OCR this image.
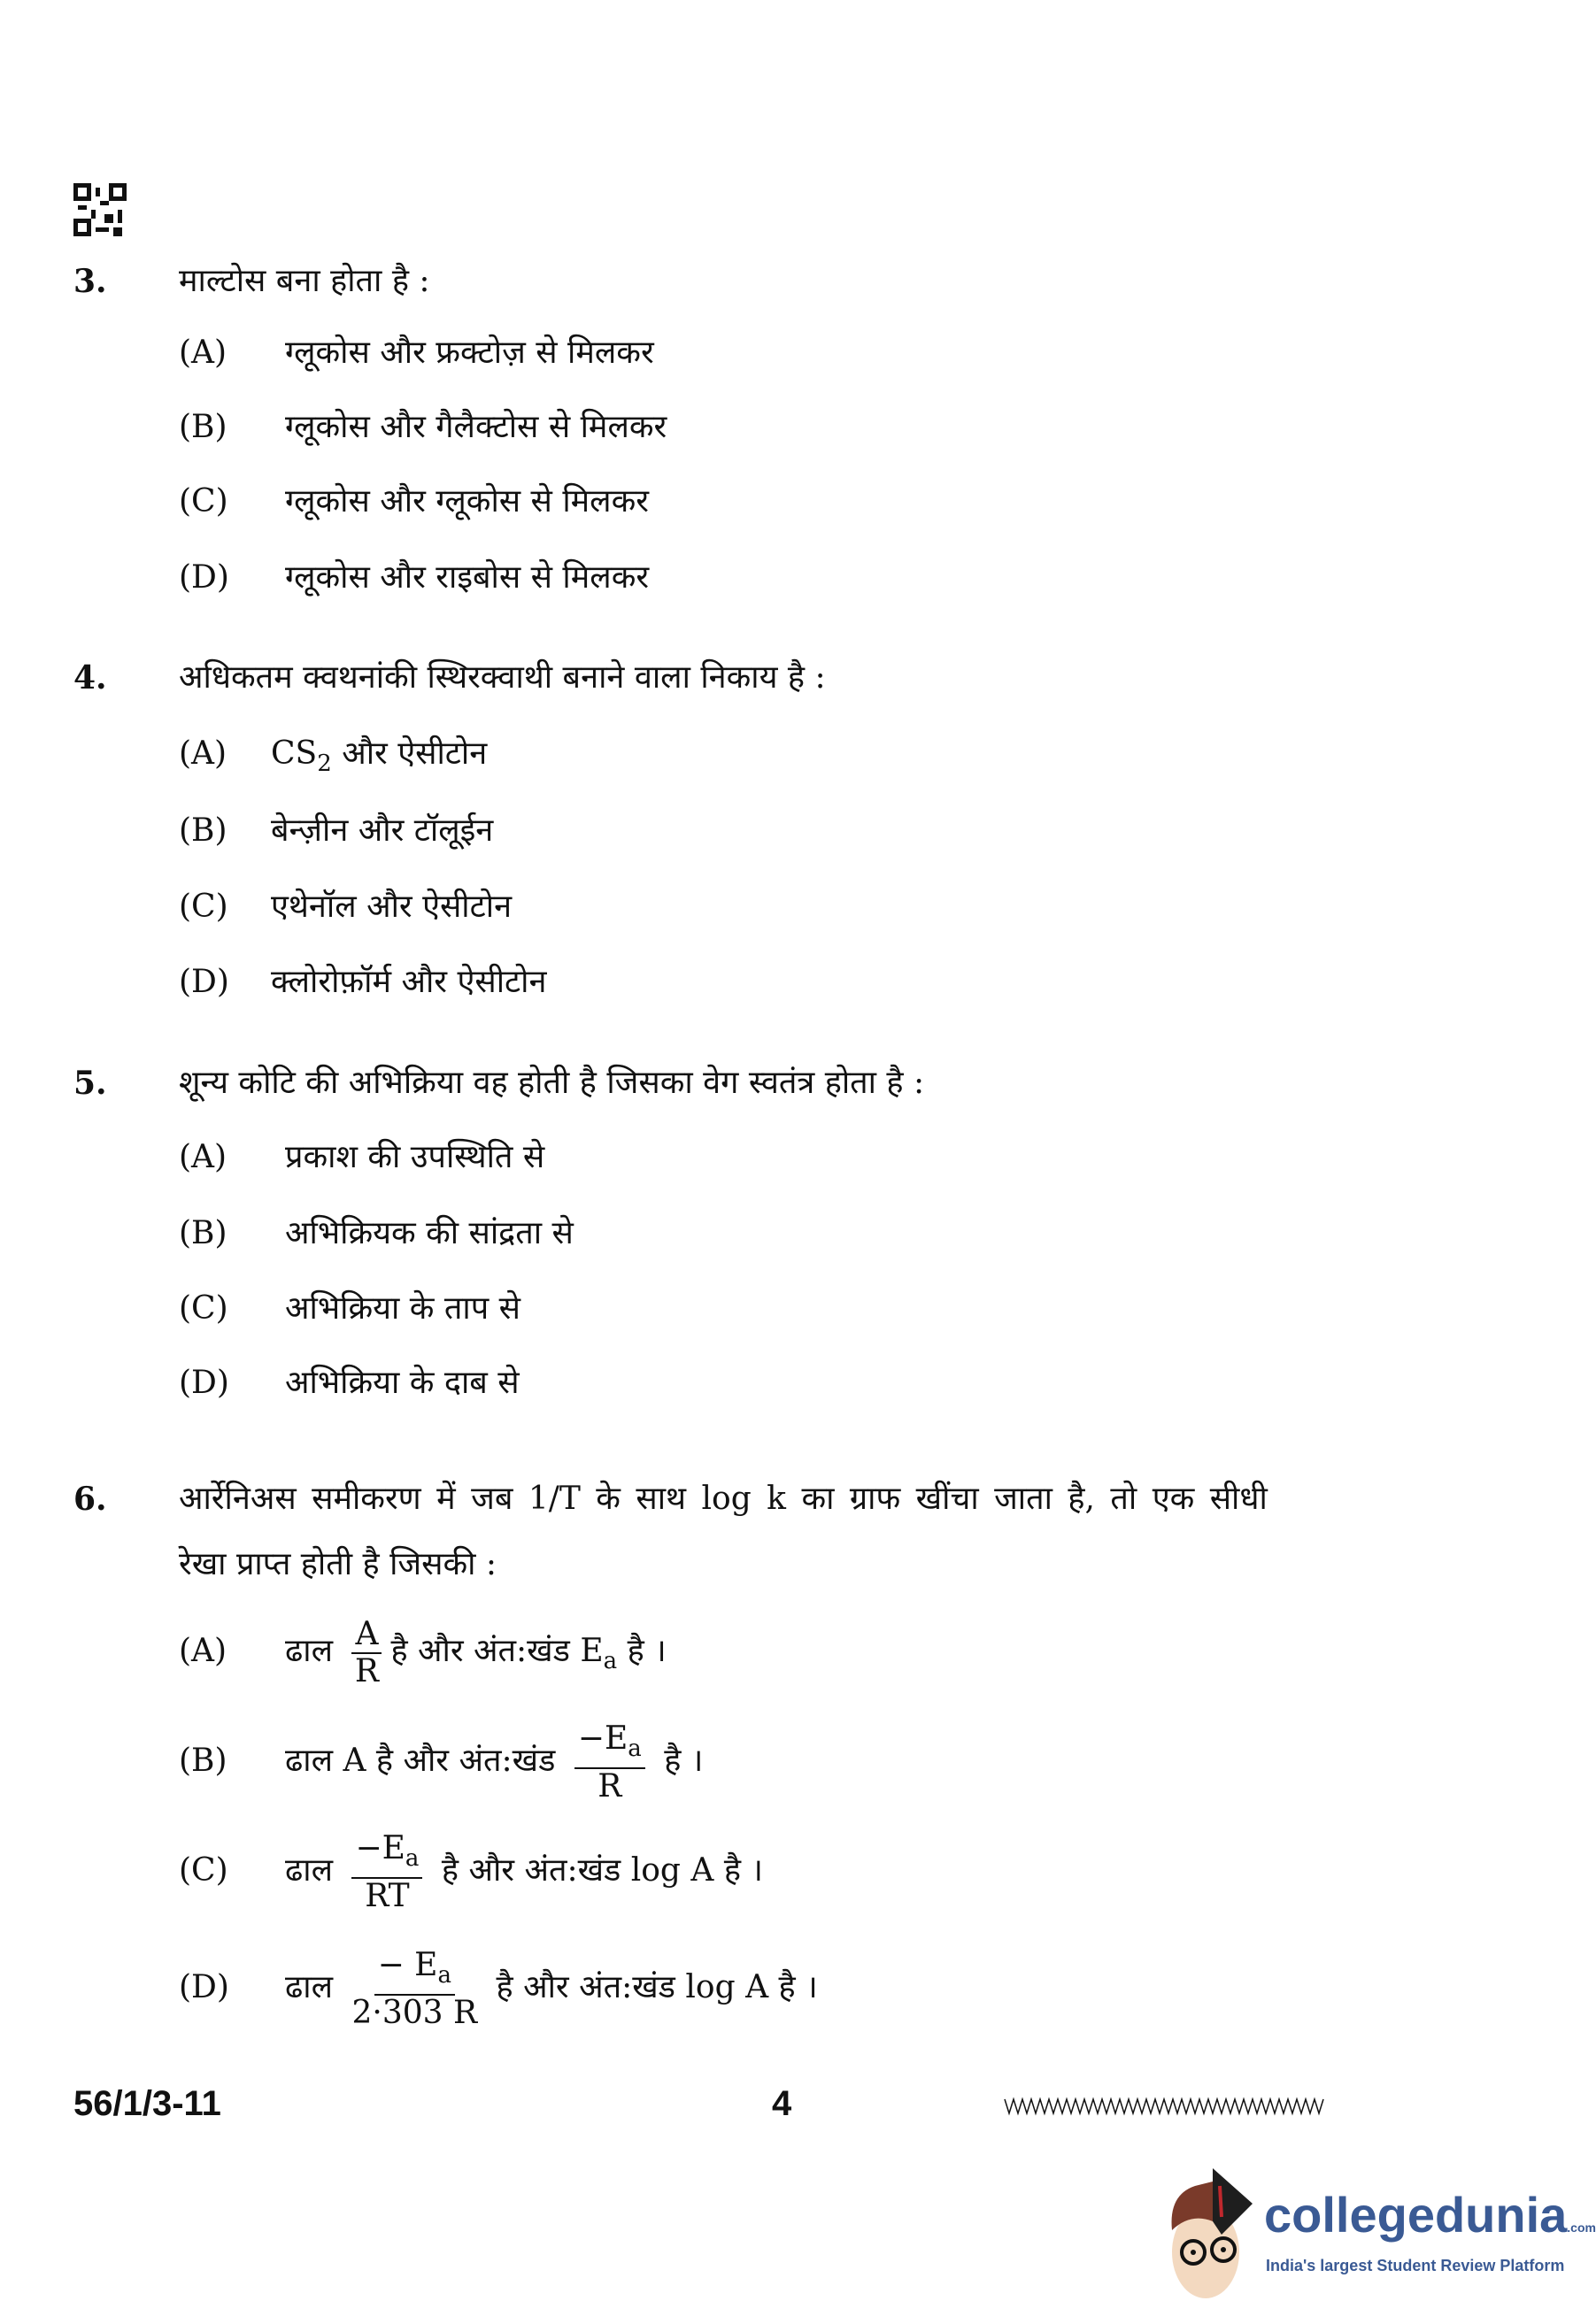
3. माल्टोस बना होता है :
(A) ग्लूकोस और फ्रक्टोज़ से मिलकर
(B) ग्लूकोस और गैलैक्टोस से मिलकर
(C) ग्लूकोस और ग्लूकोस से मिलकर
(D) ग्लूकोस और राइबोस से मिलकर
4. अधिकतम क्वथनांकी स्थिरक्वाथी बनाने वाला निकाय है :
(A) $CS_2$ और ऐसीटोन
(B) बेन्ज़ीन और टॉलूईन
(C) एथेनॉल और ऐसीटोन
(D) क्लोरोफ़ॉर्म और ऐसीटोन
5. शून्य कोटि की अभिक्रिया वह होती है जिसका वेग स्वतंत्र होता है :
(A) प्रकाश की उपस्थिति से
(B) अभिक्रियक की सांद्रता से
(C) अभिक्रिया के ताप से
(D) अभिक्रिया के दाब से
6. आर्रेनिअस समीकरण में जब 1/T के साथ log k का ग्राफ खींचा जाता है, तो एक सीधी
रेखा प्राप्त होती है जिसकी :
(A) ढाल $\frac{A}{R}$ है और अंत:खंड $E_a$ है ।
(B) ढाल A है और अंत:खंड $\frac{-E_a}{R}$ है ।
(C) ढाल $\frac{-E_a}{RT}$ है और अंत:खंड log A है ।
(D) ढाल $\frac{- E_a}{2\cdot 303 R}$ है और अंत:खंड log A है ।
56/1/3-11	4
collegedunia.com
India's largest Student Review Platform
